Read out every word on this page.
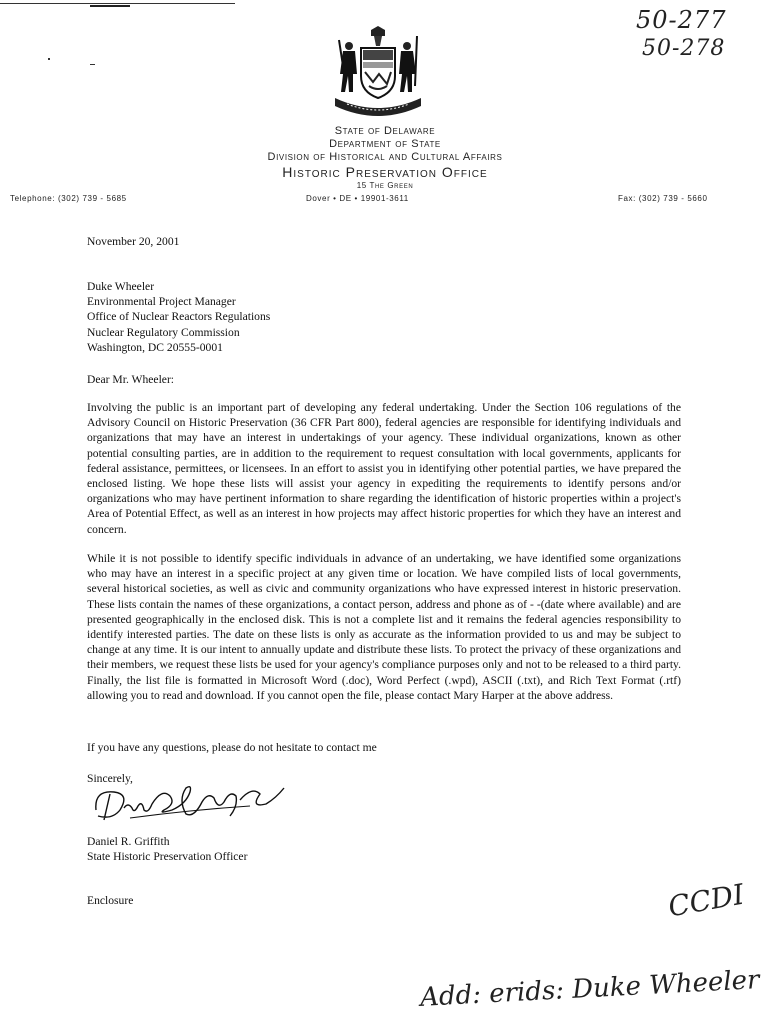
50-277
50-278
State of Delaware
Department of State
Division of Historical and Cultural Affairs
Historic Preservation Office
15 The Green
Telephone: (302) 739 - 5685	Dover • DE • 19901-3611	Fax: (302) 739 - 5660
November 20, 2001
Duke Wheeler
Environmental Project Manager
Office of Nuclear Reactors Regulations
Nuclear Regulatory Commission
Washington, DC 20555-0001
Dear Mr. Wheeler:

Involving the public is an important part of developing any federal undertaking. Under the Section 106 regulations of the Advisory Council on Historic Preservation (36 CFR Part 800), federal agencies are responsible for identifying individuals and organizations that may have an interest in undertakings of your agency. These individual organizations, known as other potential consulting parties, are in addition to the requirement to request consultation with local governments, applicants for federal assistance, permittees, or licensees. In an effort to assist you in identifying other potential parties, we have prepared the enclosed listing. We hope these lists will assist your agency in expediting the requirements to identify persons and/or organizations who may have pertinent information to share regarding the identification of historic properties within a project's Area of Potential Effect, as well as an interest in how projects may affect historic properties for which they have an interest and concern.

While it is not possible to identify specific individuals in advance of an undertaking, we have identified some organizations who may have an interest in a specific project at any given time or location. We have compiled lists of local governments, several historical societies, as well as civic and community organizations who have expressed interest in historic preservation. These lists contain the names of these organizations, a contact person, address and phone as of - -(date where available) and are presented geographically in the enclosed disk. This is not a complete list and it remains the federal agencies responsibility to identify interested parties. The date on these lists is only as accurate as the information provided to us and may be subject to change at any time. It is our intent to annually update and distribute these lists. To protect the privacy of these organizations and their members, we request these lists be used for your agency's compliance purposes only and not to be released to a third party. Finally, the list file is formatted in Microsoft Word (.doc), Word Perfect (.wpd), ASCII (.txt), and Rich Text Format (.rtf) allowing you to read and download. If you cannot open the file, please contact Mary Harper at the above address.

If you have any questions, please do not hesitate to contact me

Sincerely,
Daniel R. Griffith
State Historic Preservation Officer
Enclosure	CCDI
Add: erids: Duke Wheeler
